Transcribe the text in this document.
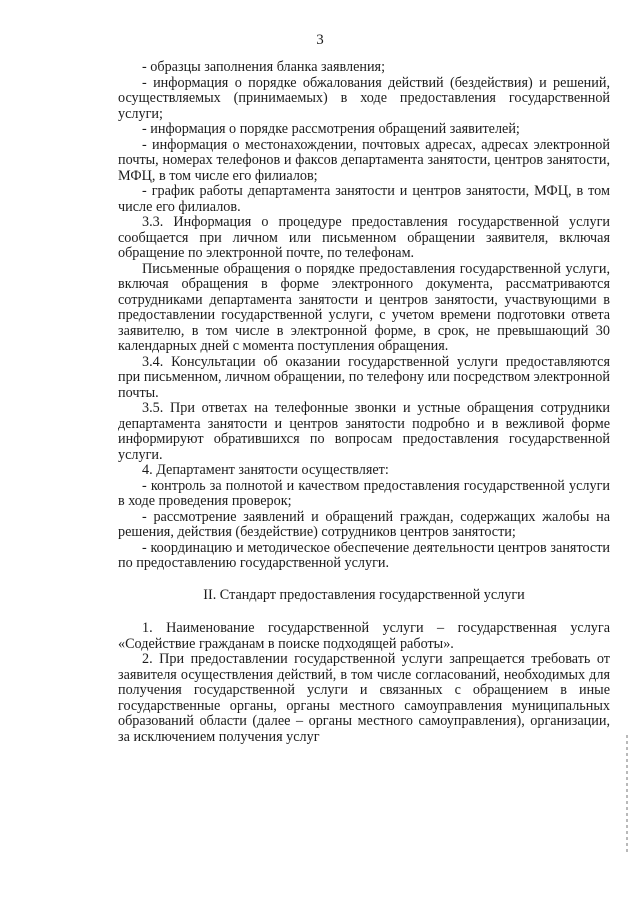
3

- образцы заполнения бланка заявления;

- информация о порядке обжалования действий (бездействия) и решений, осуществляемых (принимаемых) в ходе предоставления государственной услуги;

- информация о порядке рассмотрения обращений заявителей;

- информация о местонахождении, почтовых адресах, адресах электронной почты, номерах телефонов и факсов департамента занятости, центров занятости, МФЦ, в том числе его филиалов;

- график работы департамента занятости и центров занятости, МФЦ, в том числе его филиалов.

3.3. Информация о процедуре предоставления государственной услуги сообщается при личном или письменном обращении заявителя, включая обращение по электронной почте, по телефонам.

Письменные обращения о порядке предоставления государственной услуги, включая обращения в форме электронного документа, рассматриваются сотрудниками департамента занятости и центров занятости, участвующими в предоставлении государственной услуги, с учетом времени подготовки ответа заявителю, в том числе в электронной форме, в срок, не превышающий 30 календарных дней с момента поступления обращения.

3.4. Консультации об оказании государственной услуги предоставляются при письменном, личном обращении, по телефону или посредством электронной почты.

3.5. При ответах на телефонные звонки и устные обращения сотрудники департамента занятости и центров занятости подробно и в вежливой форме информируют обратившихся по вопросам предоставления государственной услуги.

4. Департамент занятости осуществляет:

- контроль за полнотой и качеством предоставления государственной услуги в ходе проведения проверок;

- рассмотрение заявлений и обращений граждан, содержащих жалобы на решения, действия (бездействие) сотрудников центров занятости;

- координацию и методическое обеспечение деятельности центров занятости по предоставлению государственной услуги.

II. Стандарт предоставления государственной услуги

1. Наименование государственной услуги – государственная услуга «Содействие гражданам в поиске подходящей работы».

2. При предоставлении государственной услуги запрещается требовать от заявителя осуществления действий, в том числе согласований, необходимых для получения государственной услуги и связанных с обращением в иные государственные органы, органы местного самоуправления муниципальных образований области (далее – органы местного самоуправления), организации, за исключением получения услуг
